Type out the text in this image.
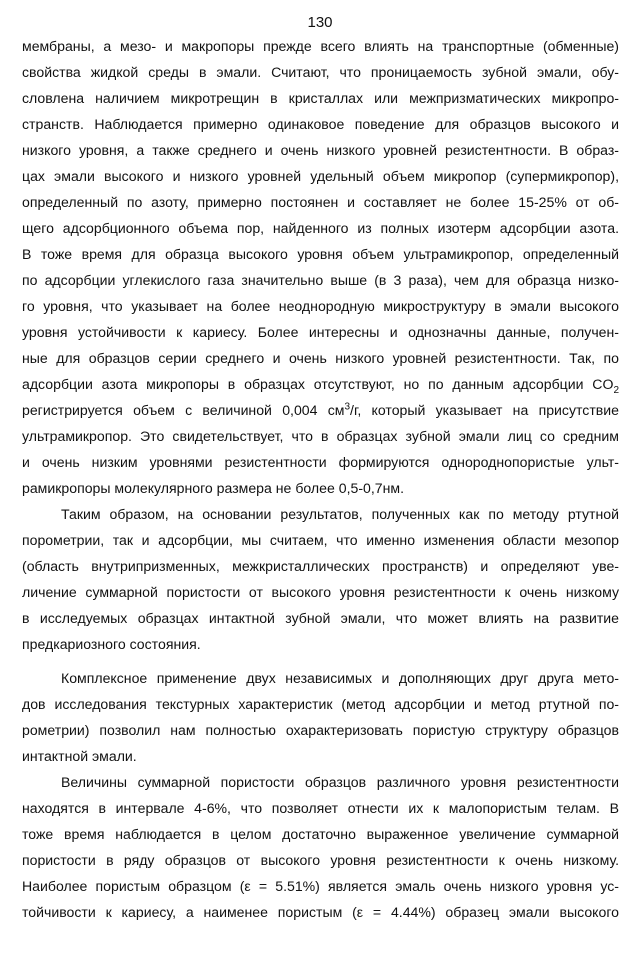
130
мембраны, а мезо- и макропоры прежде всего влиять на транспортные (обменные)
свойства жидкой среды в эмали. Считают, что проницаемость зубной эмали, обу-
словлена наличием микротрещин в кристаллах или межпризматических микропро-
странств. Наблюдается примерно одинаковое поведение для образцов высокого и
низкого уровня, а также среднего и очень низкого уровней резистентности. В образ-
цах эмали высокого и низкого уровней удельный объем микропор (супермикропор),
определенный по азоту, примерно постоянен и составляет не более 15-25% от об-
щего адсорбционного объема пор, найденного из полных изотерм адсорбции азота.
В тоже время для образца высокого уровня объем ультрамикропор, определенный
по адсорбции углекислого газа значительно выше (в 3 раза), чем для образца низко-
го уровня, что указывает на более неоднородную микроструктуру в эмали высокого
уровня устойчивости к кариесу. Более интересны и однозначны данные, получен-
ные для образцов серии среднего и очень низкого уровней резистентности. Так, по
адсорбции азота микропоры в образцах отсутствуют, но по данным адсорбции $CO_2$
регистрируется объем с величиной 0,004 $см^3/г$, который указывает на присутствие
ультрамикропор. Это свидетельствует, что в образцах зубной эмали лиц со средним
и очень низким уровнями резистентности формируются однороднопористые ульт-
рамикропоры молекулярного размера не более 0,5-0,7нм.
Таким образом, на основании результатов, полученных как по методу ртутной
порометрии, так и адсорбции, мы считаем, что именно изменения области мезопор
(область внутрипризменных, межкристаллических пространств) и определяют уве-
личение суммарной пористости от высокого уровня резистентности к очень низкому
в исследуемых образцах интактной зубной эмали, что может влиять на развитие
предкариозного состояния.
Комплексное применение двух независимых и дополняющих друг друга мето-
дов исследования текстурных характеристик (метод адсорбции и метод ртутной по-
рометрии) позволил нам полностью охарактеризовать пористую структуру образцов
интактной эмали.
Величины суммарной пористости образцов различного уровня резистентности
находятся в интервале 4-6%, что позволяет отнести их к малопористым телам. В
тоже время наблюдается в целом достаточно выраженное увеличение суммарной
пористости в ряду образцов от высокого уровня резистентности к очень низкому.
Наиболее пористым образцом (ε = 5.51%) является эмаль очень низкого уровня ус-
тойчивости к кариесу, а наименее пористым (ε = 4.44%) образец эмали высокого
